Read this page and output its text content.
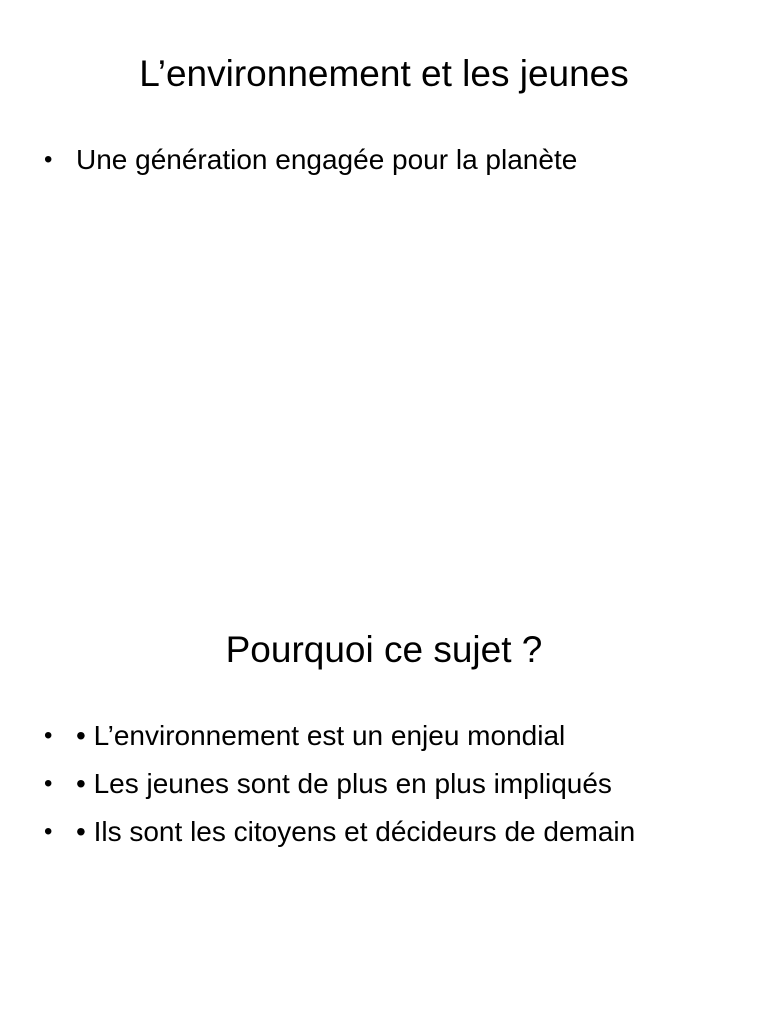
L’environnement et les jeunes
• Une génération engagée pour la planète
Pourquoi ce sujet ?
• • L’environnement est un enjeu mondial
• • Les jeunes sont de plus en plus impliqués
• • Ils sont les citoyens et décideurs de demain
